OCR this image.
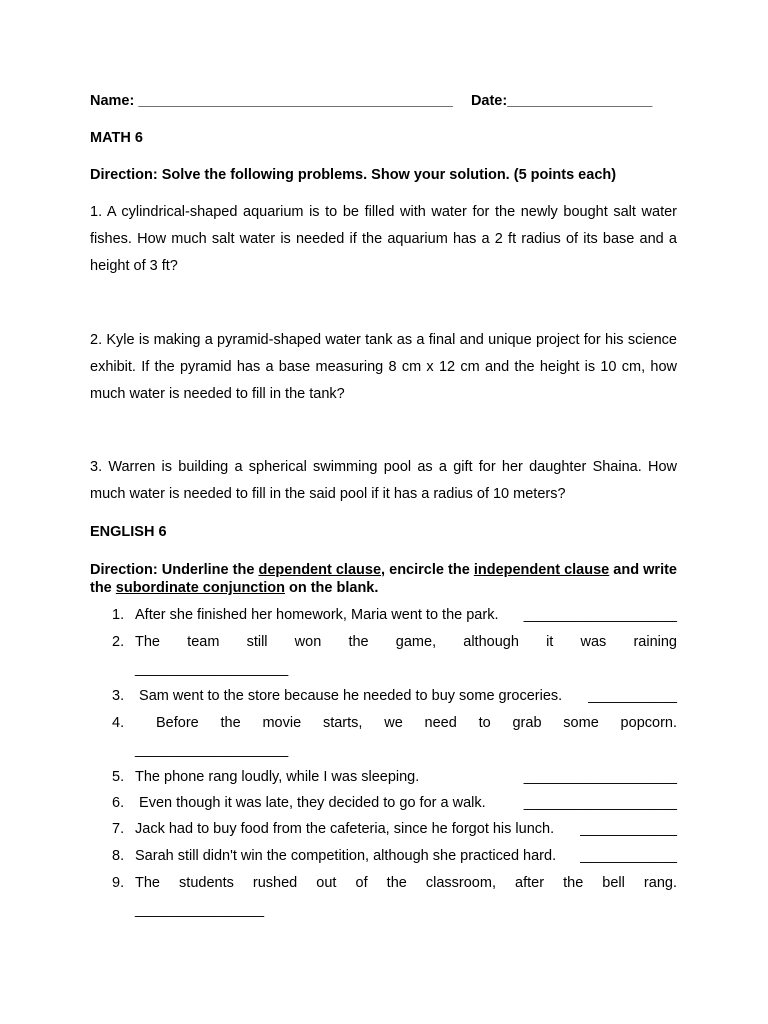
Name: _______________________________________ Date:__________________
MATH 6
Direction: Solve the following problems. Show your solution. (5 points each)
1. A cylindrical-shaped aquarium is to be filled with water for the newly bought salt water fishes. How much salt water is needed if the aquarium has a 2 ft radius of its base and a height of 3 ft?
2. Kyle is making a pyramid-shaped water tank as a final and unique project for his science exhibit. If the pyramid has a base measuring 8 cm x 12 cm and the height is 10 cm, how much water is needed to fill in the tank?
3. Warren is building a spherical swimming pool as a gift for her daughter Shaina. How much water is needed to fill in the said pool if it has a radius of 10 meters?
ENGLISH 6
Direction: Underline the dependent clause, encircle the independent clause and write the subordinate conjunction on the blank.
1. After she finished her homework, Maria went to the park. ___________________
2. The team still won the game, although it was raining
___________________
3. Sam went to the store because he needed to buy some groceries. ___________
4.	Before the movie starts, we need to grab some popcorn.
___________________
5. The phone rang loudly, while I was sleeping.	___________________
6. Even though it was late, they decided to go for a walk.	___________________
7. Jack had to buy food from the cafeteria, since he forgot his lunch. ____________
8. Sarah still didn't win the competition, although she practiced hard. ____________
9. The students rushed out of the classroom, after the bell rang.
________________
